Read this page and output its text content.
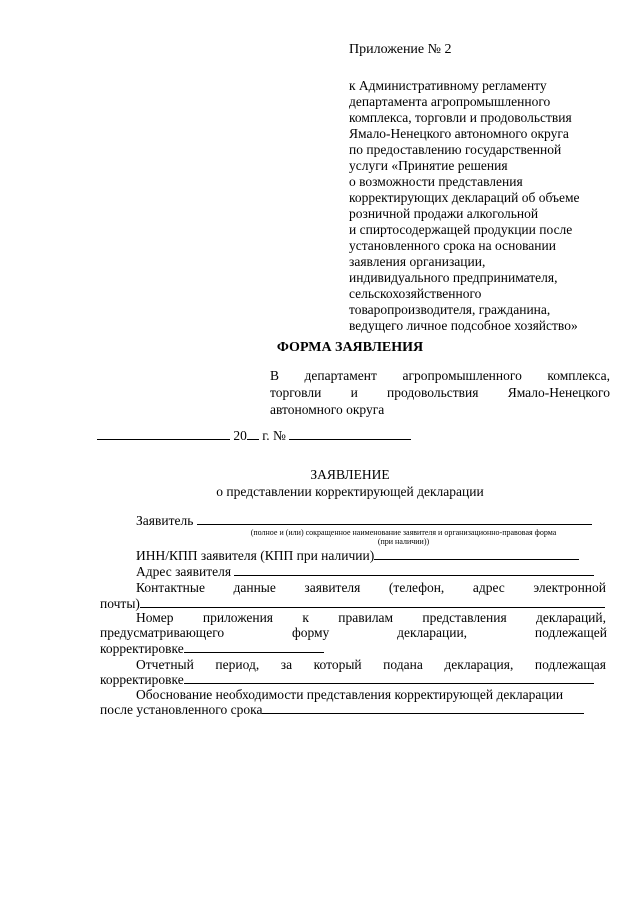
Приложение № 2
к Административному регламенту
департамента агропромышленного
комплекса, торговли и продовольствия
Ямало-Ненецкого автономного округа
по предоставлению государственной
услуги «Принятие решения
о возможности представления
корректирующих деклараций об объеме
розничной продажи алкогольной
и спиртосодержащей продукции после
установленного срока на основании
заявления организации,
индивидуального предпринимателя,
сельскохозяйственного
товаропроизводителя, гражданина,
ведущего личное подсобное хозяйство»
ФОРМА ЗАЯВЛЕНИЯ
В департамент агропромышленного комплекса,
торговли и продовольствия Ямало-Ненецкого
автономного округа
20 г. №
ЗАЯВЛЕНИЕ
о представлении корректирующей декларации
Заявитель
(полное и (или) сокращенное наименование заявителя и организационно-правовая форма
(при наличии))
ИНН/КПП заявителя (КПП при наличии)
Адрес заявителя
Контактные данные заявителя (телефон, адрес электронной
почты)
Номер приложения к правилам представления деклараций,
предусматривающего форму декларации, подлежащей
корректировке
Отчетный период, за который подана декларация, подлежащая
корректировке
Обоснование необходимости представления корректирующей декларации
после установленного срока
